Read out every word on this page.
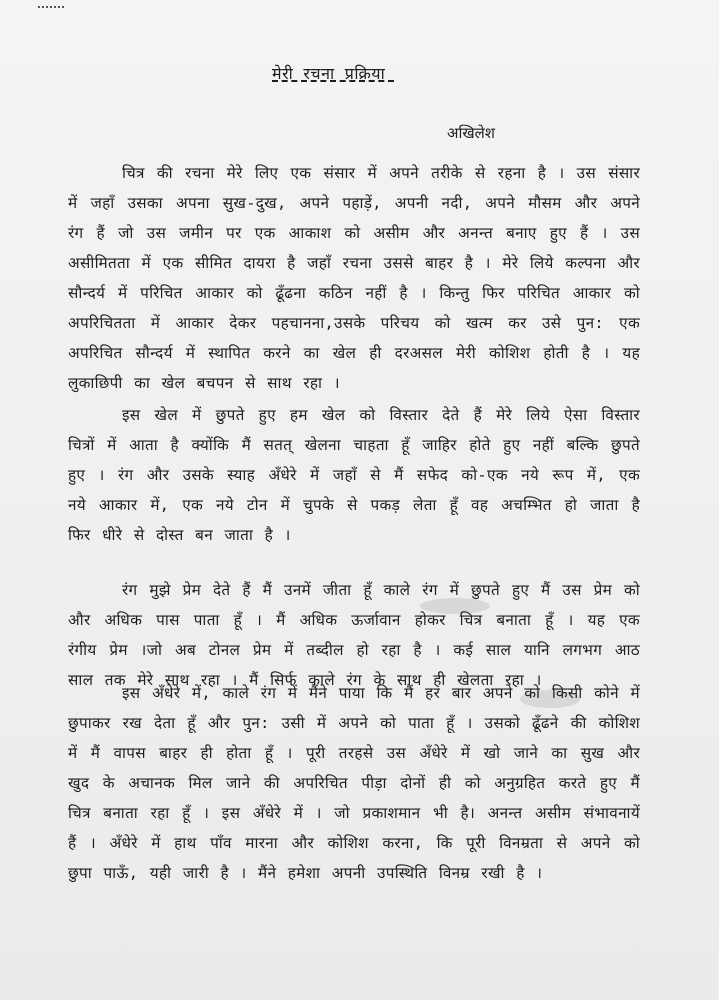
मेरी रचना प्रक्रिया
अखिलेश
चित्र की रचना मेरे लिए एक संसार में अपने तरीके से रहना है । उस संसार में जहाँ उसका अपना सुख-दुख, अपने पहाड़ें, अपनी नदी, अपने मौसम और अपने रंग हैं जो उस जमीन पर एक आकाश को असीम और अनन्त बनाए हुए हैं । उस असीमितता में एक सीमित दायरा है जहाँ रचना उससे बाहर है । मेरे लिये कल्पना और सौन्दर्य में परिचित आकार को ढूँढना कठिन नहीं है । किन्तु फिर परिचित आकार को अपरिचितता में आकार देकर पहचानना,उसके परिचय को खत्म कर उसे पुन: एक अपरिचित सौन्दर्य में स्थापित करने का खेल ही दरअसल मेरी कोशिश होती है । यह लुकाछिपी का खेल बचपन से साथ रहा ।
इस खेल में छुपते हुए हम खेल को विस्तार देते हैं मेरे लिये ऐसा विस्तार चित्रों में आता है क्योंकि मैं सतत् खेलना चाहता हूँ जाहिर होते हुए नहीं बल्कि छुपते हुए । रंग और उसके स्याह अँधेरे में जहाँ से मैं सफेद को-एक नये रूप में, एक नये आकार में, एक नये टोन में चुपके से पकड़ लेता हूँ वह अचम्भित हो जाता है फिर धीरे से दोस्त बन जाता है ।
रंग मुझे प्रेम देते हैं मैं उनमें जीता हूँ काले रंग में छुपते हुए मैं उस प्रेम को और अधिक पास पाता हूँ । मैं अधिक ऊर्जावान होकर चित्र बनाता हूँ । यह एक रंगीय प्रेम ।जो अब टोनल प्रेम में तब्दील हो रहा है । कई साल यानि लगभग आठ साल तक मेरे साथ रहा । मैं सिर्फ काले रंग के साथ ही खेलता रहा ।
इस अँधेरे में, काले रंग में मैंने पाया कि मैं हर बार अपने को किसी कोने में छुपाकर रख देता हूँ और पुन: उसी में अपने को पाता हूँ । उसको ढूँढने की कोशिश में मैं वापस बाहर ही होता हूँ । पूरी तरहसे उस अँधेरे में खो जाने का सुख और खुद के अचानक मिल जाने की अपरिचित पीड़ा दोनों ही को अनुग्रहित करते हुए मैं चित्र बनाता रहा हूँ । इस अँधेरे में । जो प्रकाशमान भी है। अनन्त असीम संभावनायें हैं । अँधेरे में हाथ पाँव मारना और कोशिश करना, कि पूरी विनम्रता से अपने को छुपा पाऊँ, यही जारी है । मैंने हमेशा अपनी उपस्थिति विनम्र रखी है ।
